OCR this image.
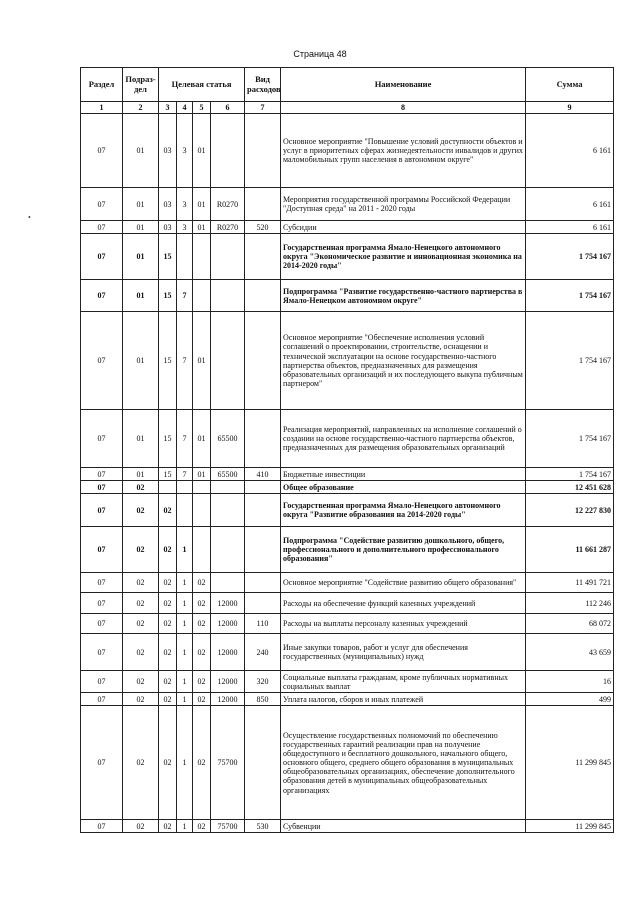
Страница 48
•
Раздел	Подраз-дел	Целевая статья				Вид расходов	Наименование	Сумма
1	2	3	4	5	6	7	8	9
07	01	03	3	01			Основное мероприятие "Повышение условий доступности объектов и услуг в приоритетных сферах жизнедеятельности инвалидов и других маломобильных групп населения в автономном округе"	6 161
07	01	03	3	01	R0270		Мероприятия государственной программы Российской Федерации "Доступная среда" на 2011 - 2020 годы	6 161
07	01	03	3	01	R0270	520	Субсидии	6 161
07	01	15					Государственная программа Ямало-Ненецкого автономного округа "Экономическое развитие и инновационная экономика на 2014-2020 годы"	1 754 167
07	01	15	7				Подпрограмма "Развитие государственно-частного партнерства в Ямало-Ненецком автономном округе"	1 754 167
07	01	15	7	01			Основное мероприятие "Обеспечение исполнения условий соглашений о проектировании, строительстве, оснащении и технической эксплуатации на основе государственно-частного партнерства объектов, предназначенных для размещения образовательных организаций и их последующего выкупа публичным партнером"	1 754 167
07	01	15	7	01	65500		Реализация мероприятий, направленных на исполнение соглашений о создании на основе государственно-частного партнерства объектов, предназначенных для размещения образовательных организаций	1 754 167
07	01	15	7	01	65500	410	Бюджетные инвестиции	1 754 167
07	02						Общее образование	12 451 628
07	02	02					Государственная программа Ямало-Ненецкого автономного округа "Развитие образования на 2014-2020 годы"	12 227 830
07	02	02	1				Подпрограмма "Содействие развитию дошкольного, общего, профессионального и дополнительного профессионального образования"	11 661 287
07	02	02	1	02			Основное мероприятие "Содействие развитию общего образования"	11 491 721
07	02	02	1	02	12000		Расходы на обеспечение функций казенных учреждений	112 246
07	02	02	1	02	12000	110	Расходы на выплаты персоналу казенных учреждений	68 072
07	02	02	1	02	12000	240	Иные закупки товаров, работ и услуг для обеспечения государственных (муниципальных) нужд	43 659
07	02	02	1	02	12000	320	Социальные выплаты гражданам, кроме публичных нормативных социальных выплат	16
07	02	02	1	02	12000	850	Уплата налогов, сборов и иных платежей	499
07	02	02	1	02	75700		Осуществление государственных полномочий по обеспечению государственных гарантий реализации прав на получение общедоступного и бесплатного дошкольного, начального общего, основного общего, среднего общего образования в муниципальных общеобразовательных организациях, обеспечение дополнительного образования детей в муниципальных общеобразовательных организациях	11 299 845
07	02	02	1	02	75700	530	Субвенции	11 299 845
